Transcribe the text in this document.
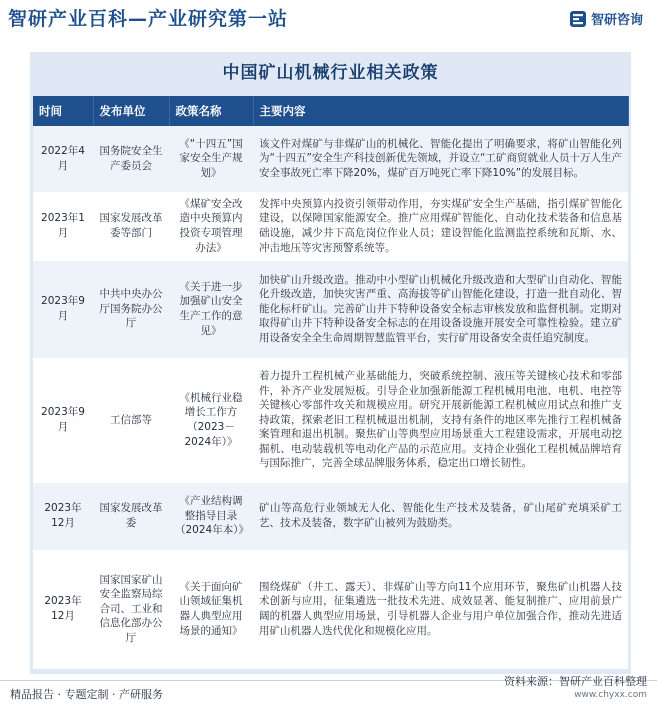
智研产业百科—产业研究第一站	智研咨询
中国矿山机械行业相关政策
时间	发布单位	政策名称	主要内容
2022年4月	国务院安全生产委员会	《“十四五”国家安全生产规划》	该文件对煤矿与非煤矿山的机械化、智能化提出了明确要求，将矿山智能化列为“十四五”安全生产科技创新优先领域，并设立“工矿商贸就业人员十万人生产安全事故死亡率下降20%，煤矿百万吨死亡率下降10%”的发展目标。
2023年1月	国家发展改革委等部门	《煤矿安全改造中央预算内投资专项管理办法》	发挥中央预算内投资引领带动作用，夯实煤矿安全生产基础，指引煤矿智能化建设，以保障国家能源安全。推广应用煤矿智能化、自动化技术装备和信息基础设施，减少井下高危岗位作业人员；建设智能化监测监控系统和瓦斯、水、冲击地压等灾害预警系统等。
2023年9月	中共中央办公厅国务院办公厅	《关于进一步加强矿山安全生产工作的意见》	加快矿山升级改造。推动中小型矿山机械化升级改造和大型矿山自动化、智能化升级改造，加快灾害严重、高海拔等矿山智能化建设，打造一批自动化、智能化标杆矿山。完善矿山井下特种设备安全标志审核发放和监督机制。定期对取得矿山井下特种设备安全标志的在用设备设施开展安全可靠性检验。建立矿用设备安全全生命周期智慧监管平台，实行矿用设备安全责任追究制度。
2023年9月	工信部等	《机械行业稳增长工作方（2023－2024年）》	着力提升工程机械产业基础能力，突破系统控制、液压等关键核心技术和零部件，补齐产业发展短板。引导企业加强新能源工程机械用电池、电机、电控等关键核心零部件攻关和规模应用。研究开展新能源工程机械应用试点和推广支持政策，探索老旧工程机械退出机制，支持有条件的地区率先推行工程机械备案管理和退出机制。聚焦矿山等典型应用场景重大工程建设需求，开展电动挖掘机、电动装载机等电动化产品的示范应用。支持企业强化工程机械品牌培育与国际推广，完善全球品牌服务体系，稳定出口增长韧性。
2023年12月	国家发展改革委	《产业结构调整指导目录（2024年本）》	矿山等高危行业领域无人化、智能化生产技术及装备，矿山尾矿充填采矿工艺、技术及装备，数字矿山被列为鼓励类。
2023年12月	国家国家矿山安全监察局综合司、工业和信息化部办公厅	《关于面向矿山领域征集机器人典型应用场景的通知》	围绕煤矿（井工、露天）、非煤矿山等方向11个应用环节，聚焦矿山机器人技术创新与应用，征集遴选一批技术先进、成效显著、能复制推广、应用前景广阔的机器人典型应用场景，引导机器人企业与用户单位加强合作，推动先进适用矿山机器人迭代优化和规模化应用。
精品报告 · 专题定制 · 产研服务
资料来源：智研产业百科整理
www.chyxx.com
